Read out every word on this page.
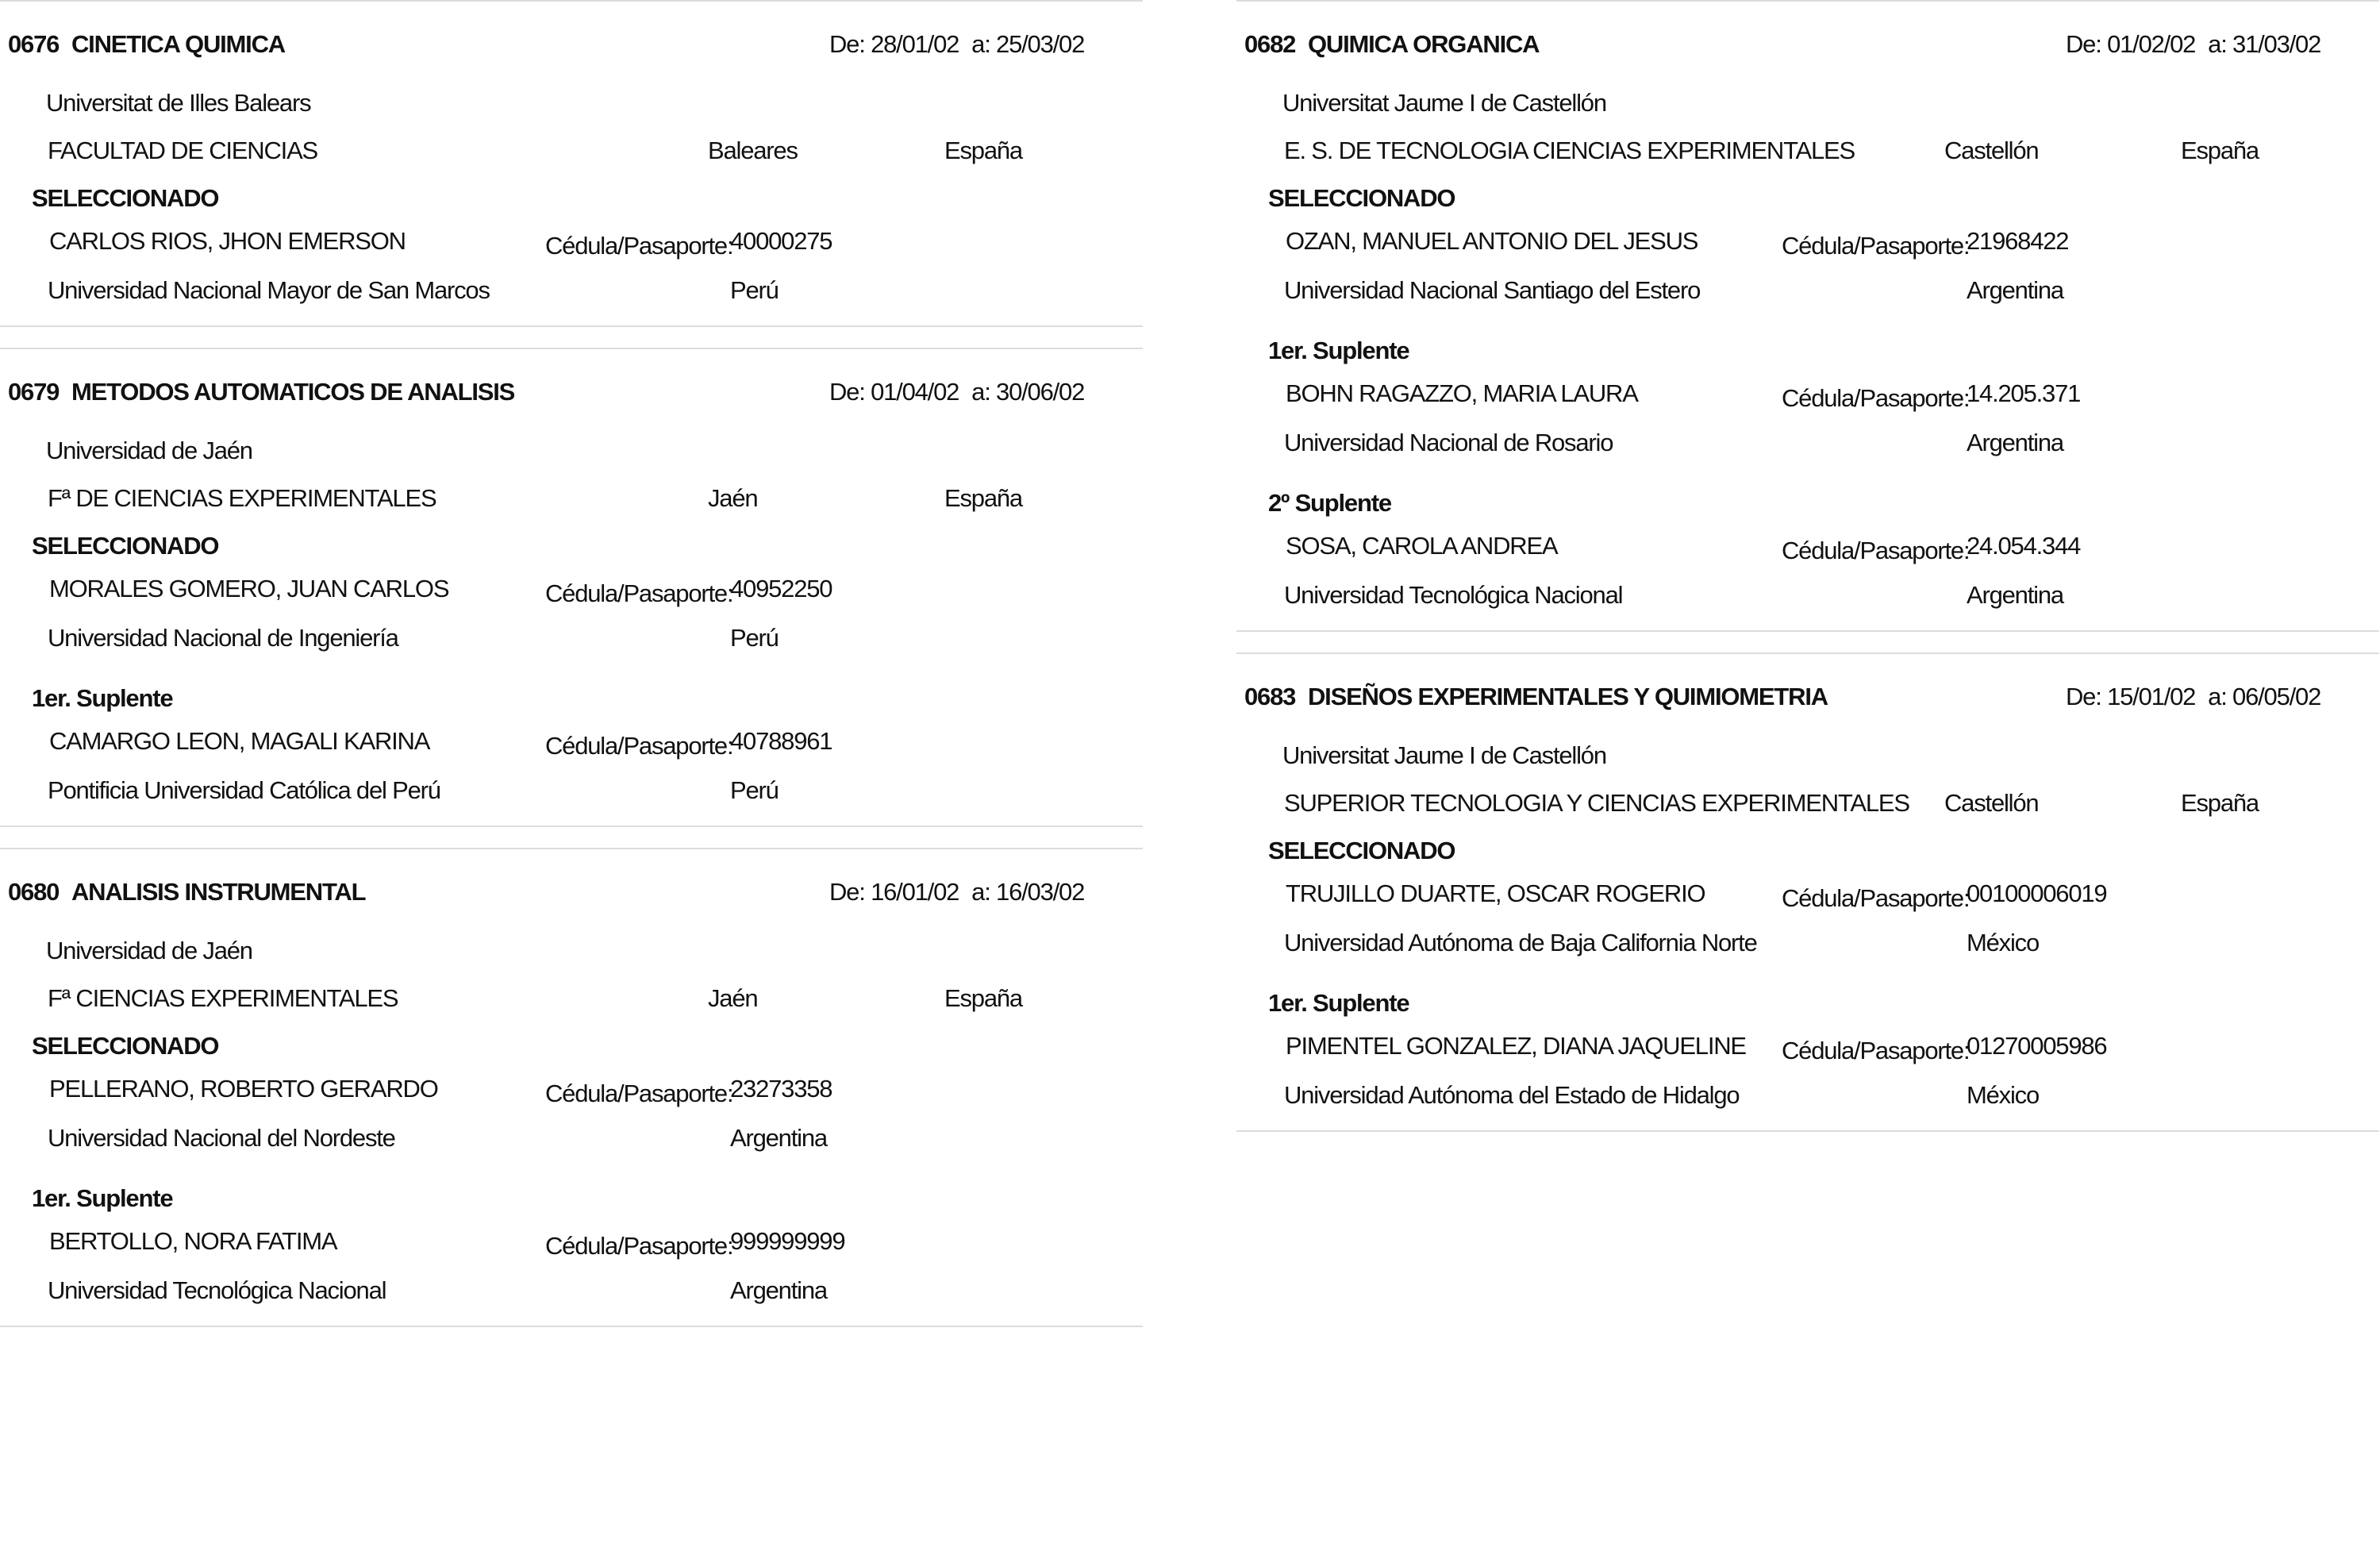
0676 CINETICA QUIMICA	De: 28/01/02 a: 25/03/02
Universitat de Illes Balears
FACULTAD DE CIENCIAS	Baleares	España
SELECCIONADO
CARLOS RIOS, JHON EMERSON	Cédula/Pasaporte:
40000275
Universidad Nacional Mayor de San Marcos	Perú
0679 METODOS AUTOMATICOS DE ANALISIS	De: 01/04/02 a: 30/06/02
Universidad de Jaén
Fª DE CIENCIAS EXPERIMENTALES	Jaén	España
SELECCIONADO
MORALES GOMERO, JUAN CARLOS	Cédula/Pasaporte:
40952250
Universidad Nacional de Ingeniería	Perú
1er. Suplente
CAMARGO LEON, MAGALI KARINA	Cédula/Pasaporte:
40788961
Pontificia Universidad Católica del Perú	Perú
0680 ANALISIS INSTRUMENTAL	De: 16/01/02 a: 16/03/02
Universidad de Jaén
Fª CIENCIAS EXPERIMENTALES	Jaén	España
SELECCIONADO
PELLERANO, ROBERTO GERARDO	Cédula/Pasaporte:
23273358
Universidad Nacional del Nordeste	Argentina
1er. Suplente
BERTOLLO, NORA FATIMA	Cédula/Pasaporte:
999999999
Universidad Tecnológica Nacional	Argentina
0682 QUIMICA ORGANICA	De: 01/02/02 a: 31/03/02
Universitat Jaume I de Castellón
E. S. DE TECNOLOGIA CIENCIAS EXPERIMENTALES	Castellón	España
SELECCIONADO
OZAN, MANUEL ANTONIO DEL JESUS	Cédula/Pasaporte:
21968422
Universidad Nacional Santiago del Estero	Argentina
1er. Suplente
BOHN RAGAZZO, MARIA LAURA	Cédula/Pasaporte:
14.205.371
Universidad Nacional de Rosario	Argentina
2º Suplente
SOSA, CAROLA ANDREA	Cédula/Pasaporte:
24.054.344
Universidad Tecnológica Nacional	Argentina
0683 DISEÑOS EXPERIMENTALES Y QUIMIOMETRIA	De: 15/01/02 a: 06/05/02
Universitat Jaume I de Castellón
SUPERIOR TECNOLOGIA Y CIENCIAS EXPERIMENTALES Castellón	España
SELECCIONADO
TRUJILLO DUARTE, OSCAR ROGERIO	Cédula/Pasaporte:
00100006019
Universidad Autónoma de Baja California Norte	México
1er. Suplente
PIMENTEL GONZALEZ, DIANA JAQUELINE Cédula/Pasaporte:
01270005986
Universidad Autónoma del Estado de Hidalgo	México
